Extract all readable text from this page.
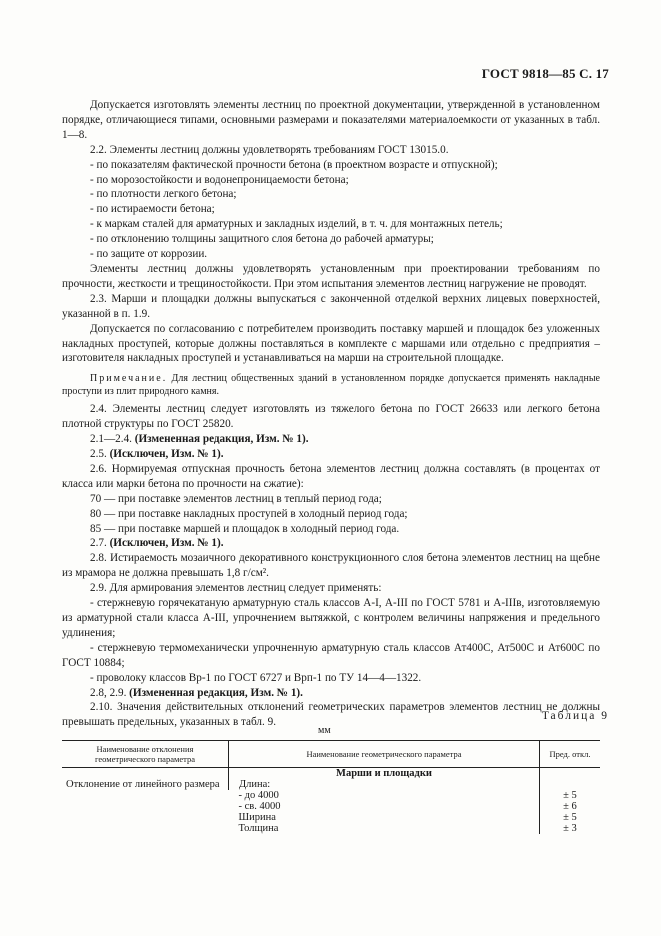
ГОСТ 9818—85 С. 17

Допускается изготовлять элементы лестниц по проектной документации, утвержденной в установленном порядке, отличающиеся типами, основными размерами и показателями материалоемкости от указанных в табл. 1—8.

2.2. Элементы лестниц должны удовлетворять требованиям ГОСТ 13015.0.

- по показателям фактической прочности бетона (в проектном возрасте и отпускной);

- по морозостойкости и водонепроницаемости бетона;

- по плотности легкого бетона;

- по истираемости бетона;

- к маркам сталей для арматурных и закладных изделий, в т. ч. для монтажных петель;

- по отклонению толщины защитного слоя бетона до рабочей арматуры;

- по защите от коррозии.

Элементы лестниц должны удовлетворять установленным при проектировании требованиям по прочности, жесткости и трещиностойкости. При этом испытания элементов лестниц нагружение не проводят.

2.3. Марши и площадки должны выпускаться с законченной отделкой верхних лицевых поверхностей, указанной в п. 1.9.

Допускается по согласованию с потребителем производить поставку маршей и площадок без уложенных накладных проступей, которые должны поставляться в комплекте с маршами или отдельно с предприятия – изготовителя накладных проступей и устанавливаться на марши на строительной площадке.

Примечание. Для лестниц общественных зданий в установленном порядке допускается применять накладные проступи из плит природного камня.

2.4. Элементы лестниц следует изготовлять из тяжелого бетона по ГОСТ 26633 или легкого бетона плотной структуры по ГОСТ 25820.

2.1—2.4. (Измененная редакция, Изм. № 1).

2.5. (Исключен, Изм. № 1).

2.6. Нормируемая отпускная прочность бетона элементов лестниц должна составлять (в процентах от класса или марки бетона по прочности на сжатие):

70 — при поставке элементов лестниц в теплый период года;

80 — при поставке накладных проступей в холодный период года;

85 — при поставке маршей и площадок в холодный период года.

2.7. (Исключен, Изм. № 1).

2.8. Истираемость мозаичного декоративного конструкционного слоя бетона элементов лестниц на щебне из мрамора не должна превышать 1,8 г/см².

2.9. Для армирования элементов лестниц следует применять:

- стержневую горячекатаную арматурную сталь классов А-I, А-III по ГОСТ 5781 и А-IIIв, изготовляемую из арматурной стали класса А-III, упрочнением вытяжкой, с контролем величины напряжения и предельного удлинения;

- стержневую термомеханически упрочненную арматурную сталь классов Ат400С, Ат500С и Ат600С по ГОСТ 10884;

- проволоку классов Вр-1 по ГОСТ 6727 и Врп-1 по ТУ 14—4—1322.

2.8, 2.9. (Измененная редакция, Изм. № 1).

2.10. Значения действительных отклонений геометрических параметров элементов лестниц не должны превышать предельных, указанных в табл. 9.

Таблица 9
мм
Наименование отклонения геометрического параметра	Наименование геометрического параметра	Пред. откл.
	Марши и площадки	
Отклонение от линейного размера	Длина:	
	- до 4000	± 5
	- св. 4000	± 6
	Ширина	± 5
	Толщина	± 3
